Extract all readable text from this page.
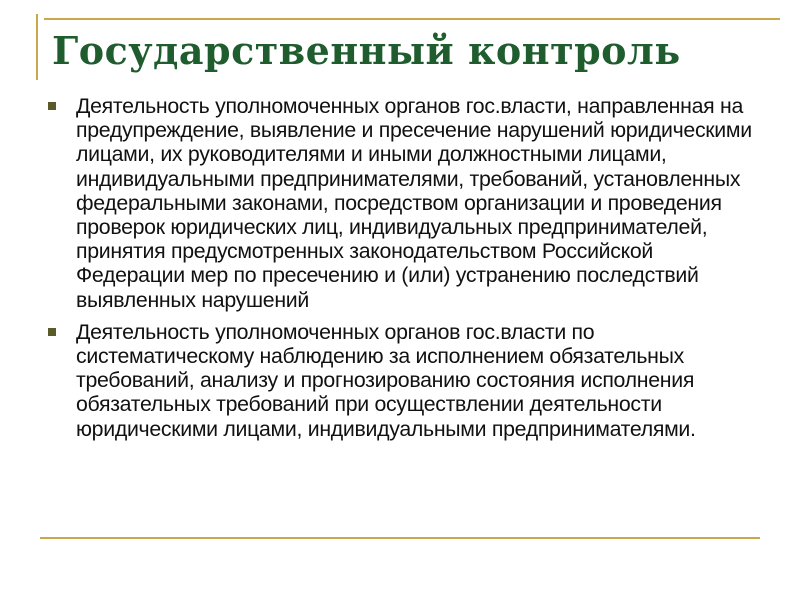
Государственный контроль
Деятельность уполномоченных органов гос.власти, направленная на предупреждение, выявление и пресечение нарушений юридическими лицами, их руководителями и иными должностными лицами, индивидуальными предпринимателями, требований, установленных федеральными законами, посредством организации и проведения проверок юридических лиц, индивидуальных предпринимателей, принятия предусмотренных законодательством Российской Федерации мер по пресечению и (или) устранению последствий выявленных нарушений
Деятельность уполномоченных органов гос.власти по систематическому наблюдению за исполнением обязательных требований, анализу и прогнозированию состояния исполнения обязательных требований при осуществлении деятельности юридическими лицами, индивидуальными предпринимателями.
